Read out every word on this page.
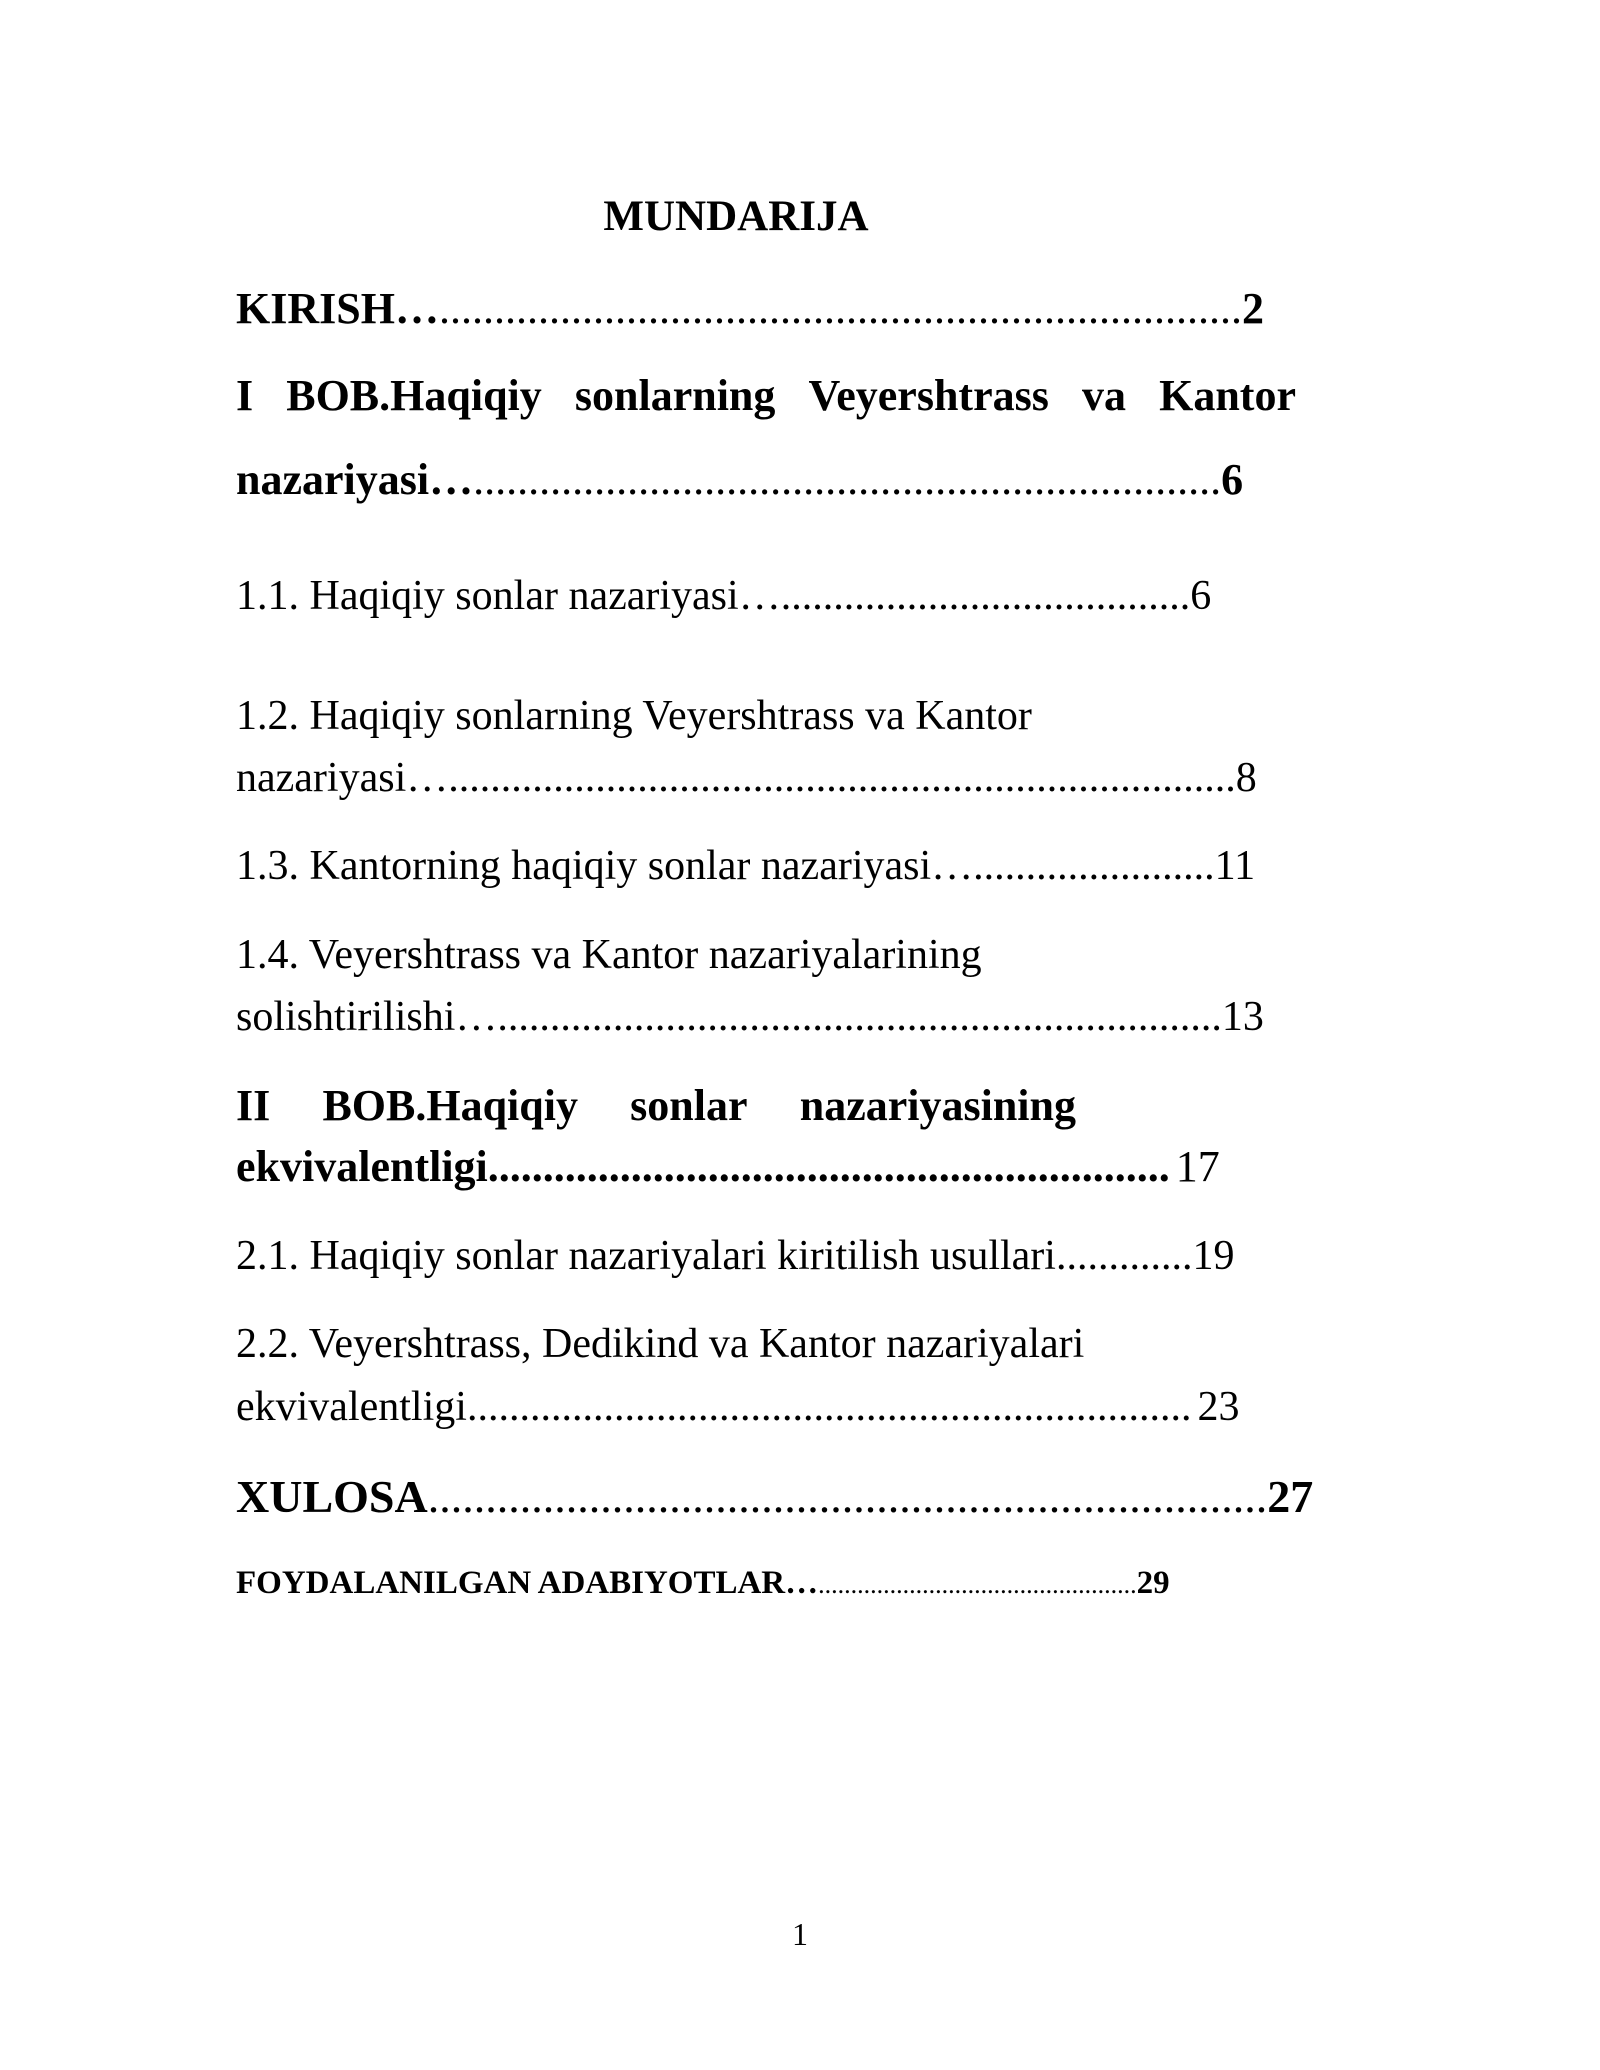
MUNDARIJA
KIRISH….........................................................................2
I BOB.Haqiqiy sonlarning Veyershtrass va Kantor
nazariyasi…....................................................................6
1.1. Haqiqiy sonlar nazariyasi….......................................6
1.2. Haqiqiy sonlarning Veyershtrass va Kantor
nazariyasi…...........................................................................8
1.3. Kantorning haqiqiy sonlar nazariyasi….......................11
1.4. Veyershtrass va Kantor nazariyalarining
solishtirilishi….....................................................................13
II BOB.Haqiqiy sonlar nazariyasining
ekvivalentligi.............................................................. 17
2.1. Haqiqiy sonlar nazariyalari kiritilish usullari.............19
2.2. Veyershtrass, Dedikind va Kantor nazariyalari
ekvivalentligi..................................................................... 23
XULOSA.........................................................................27
FOYDALANILGAN ADABIYOTLAR….................................................29
1
